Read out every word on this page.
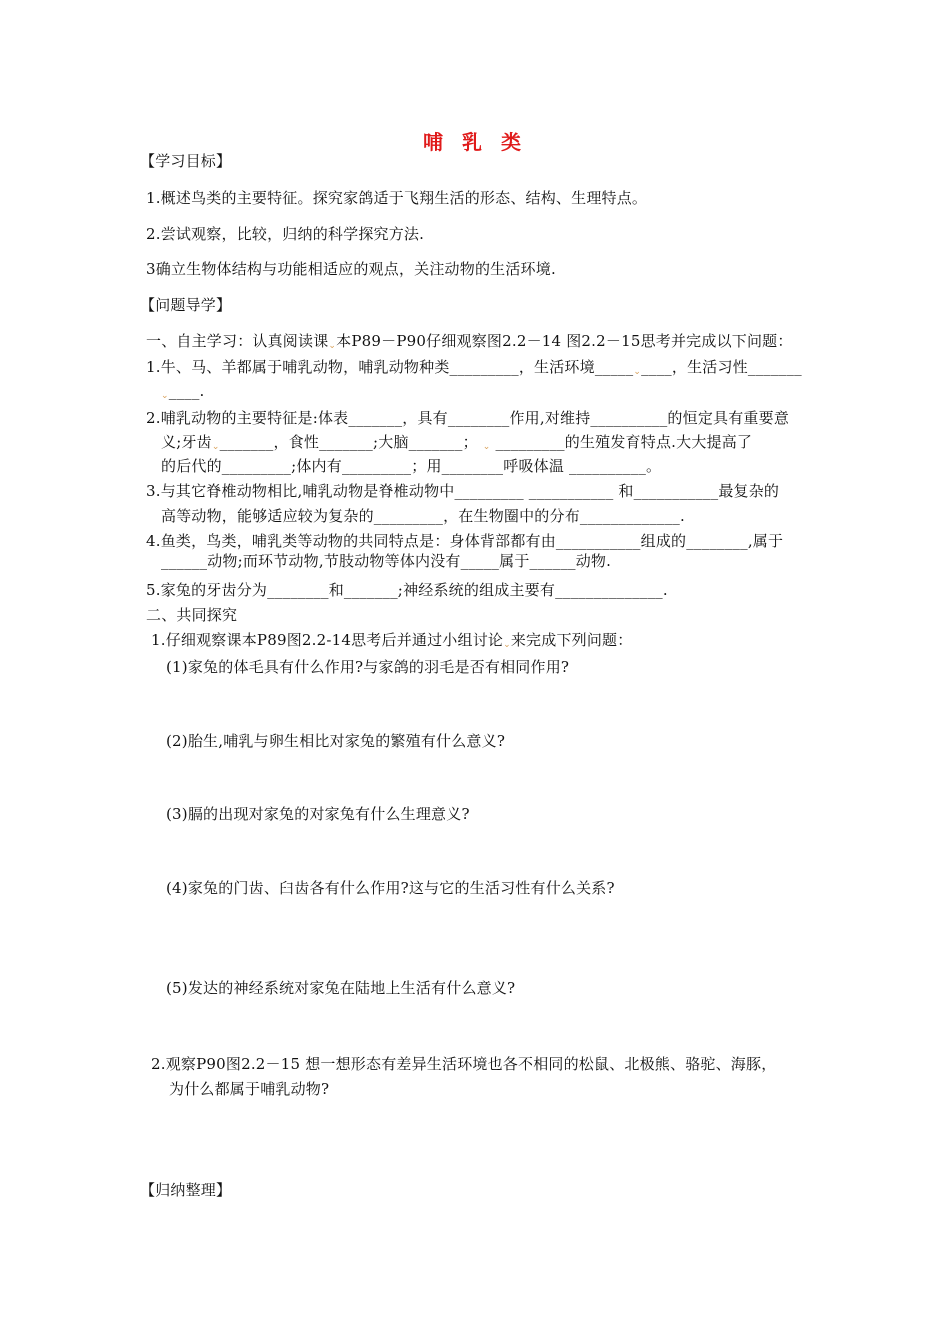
哺 乳 类
【学习目标】
1.概述鸟类的主要特征。探究家鸽适于飞翔生活的形态、结构、生理特点。
2.尝试观察，比较，归纳的科学探究方法.
3确立生物体结构与功能相适应的观点，关注动物的生活环境.
【问题导学】
一、自主学习：认真阅读课⌄本P89－P90仔细观察图2.2－14 图2.2－15思考并完成以下问题：
1.牛、马、羊都属于哺乳动物，哺乳动物种类_________，生活环境_____⌄____，生活习性_______
⌄____.
2.哺乳动物的主要特征是:体表_______，具有________作用,对维持__________的恒定具有重要意
义;牙齿⌄_______，食性_______;大脑_______； ⌄ _________的生殖发育特点.大大提高了
的后代的_________;体内有_________；用________呼吸体温 __________。
3.与其它脊椎动物相比,哺乳动物是脊椎动物中_________ ___________ 和___________最复杂的
高等动物，能够适应较为复杂的_________，在生物圈中的分布_____________.
4.鱼类，鸟类，哺乳类等动物的共同特点是：身体背部都有由___________组成的________,属于
______动物;而环节动物,节肢动物等体内没有_____属于______动物.
5.家兔的牙齿分为________和_______;神经系统的组成主要有______________.
二、共同探究
1.仔细观察课本P89图2.2-14思考后并通过小组讨论⌄来完成下列问题：
(1)家兔的体毛具有什么作用?与家鸽的羽毛是否有相同作用?
(2)胎生,哺乳与卵生相比对家兔的繁殖有什么意义?
(3)膈的出现对家兔的对家兔有什么生理意义?
(4)家兔的门齿、臼齿各有什么作用?这与它的生活习性有什么关系?
(5)发达的神经系统对家兔在陆地上生活有什么意义?
2.观察P90图2.2－15 想一想形态有差异生活环境也各不相同的松鼠、北极熊、骆驼、海豚，
为什么都属于哺乳动物?
【归纳整理】
